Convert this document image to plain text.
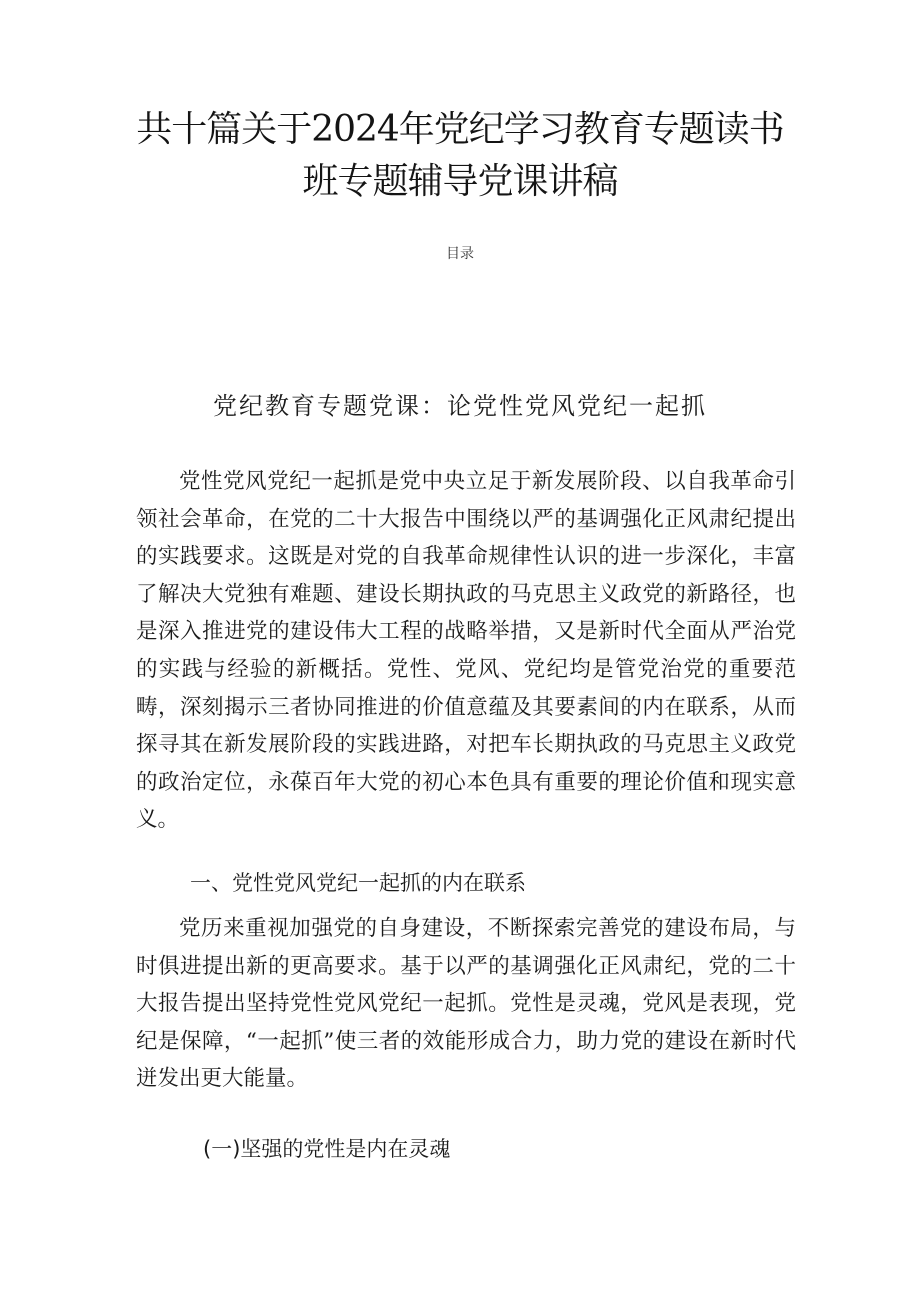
共十篇关于2024年党纪学习教育专题读书
班专题辅导党课讲稿
目录
党纪教育专题党课：论党性党风党纪一起抓

党性党风党纪一起抓是党中央立足于新发展阶段、以自我革命引领社会革命，在党的二十大报告中围绕以严的基调强化正风肃纪提出的实践要求。这既是对党的自我革命规律性认识的进一步深化，丰富了解决大党独有难题、建设长期执政的马克思主义政党的新路径，也是深入推进党的建设伟大工程的战略举措，又是新时代全面从严治党的实践与经验的新概括。党性、党风、党纪均是管党治党的重要范畴，深刻揭示三者协同推进的价值意蕴及其要素间的内在联系，从而探寻其在新发展阶段的实践进路，对把车长期执政的马克思主义政党的政治定位，永葆百年大党的初心本色具有重要的理论价值和现实意义。

一、党性党风党纪一起抓的内在联系

党历来重视加强党的自身建设，不断探索完善党的建设布局，与时俱进提出新的更高要求。基于以严的基调强化正风肃纪，党的二十大报告提出坚持党性党风党纪一起抓。党性是灵魂，党风是表现，党纪是保障，“一起抓”使三者的效能形成合力，助力党的建设在新时代迸发出更大能量。

(一)坚强的党性是内在灵魂
